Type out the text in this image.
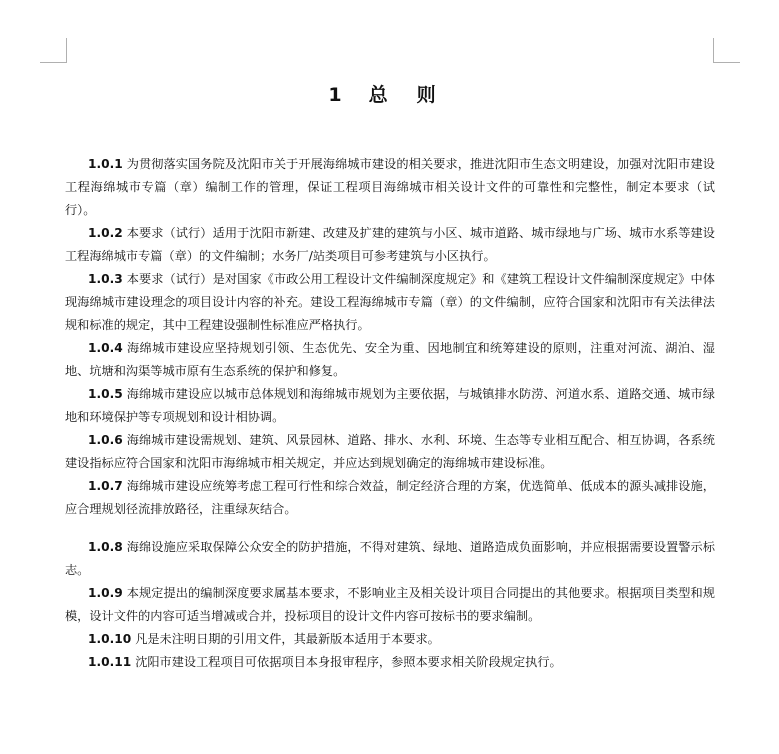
1 总 则

1.0.1 为贯彻落实国务院及沈阳市关于开展海绵城市建设的相关要求，推进沈阳市生态文明建设，加强对沈阳市建设工程海绵城市专篇（章）编制工作的管理，保证工程项目海绵城市相关设计文件的可靠性和完整性，制定本要求（试行）。

1.0.2 本要求（试行）适用于沈阳市新建、改建及扩建的建筑与小区、城市道路、城市绿地与广场、城市水系等建设工程海绵城市专篇（章）的文件编制；水务厂/站类项目可参考建筑与小区执行。

1.0.3 本要求（试行）是对国家《市政公用工程设计文件编制深度规定》和《建筑工程设计文件编制深度规定》中体现海绵城市建设理念的项目设计内容的补充。建设工程海绵城市专篇（章）的文件编制，应符合国家和沈阳市有关法律法规和标准的规定，其中工程建设强制性标准应严格执行。

1.0.4 海绵城市建设应坚持规划引领、生态优先、安全为重、因地制宜和统筹建设的原则，注重对河流、湖泊、湿地、坑塘和沟渠等城市原有生态系统的保护和修复。

1.0.5 海绵城市建设应以城市总体规划和海绵城市规划为主要依据，与城镇排水防涝、河道水系、道路交通、城市绿地和环境保护等专项规划和设计相协调。

1.0.6 海绵城市建设需规划、建筑、风景园林、道路、排水、水利、环境、生态等专业相互配合、相互协调，各系统建设指标应符合国家和沈阳市海绵城市相关规定，并应达到规划确定的海绵城市建设标准。

1.0.7 海绵城市建设应统筹考虑工程可行性和综合效益，制定经济合理的方案，优选简单、低成本的源头减排设施，应合理规划径流排放路径，注重绿灰结合。

1.0.8 海绵设施应采取保障公众安全的防护措施，不得对建筑、绿地、道路造成负面影响，并应根据需要设置警示标志。

1.0.9 本规定提出的编制深度要求属基本要求，不影响业主及相关设计项目合同提出的其他要求。根据项目类型和规模，设计文件的内容可适当增减或合并，投标项目的设计文件内容可按标书的要求编制。

1.0.10 凡是未注明日期的引用文件，其最新版本适用于本要求。

1.0.11 沈阳市建设工程项目可依据项目本身报审程序，参照本要求相关阶段规定执行。
